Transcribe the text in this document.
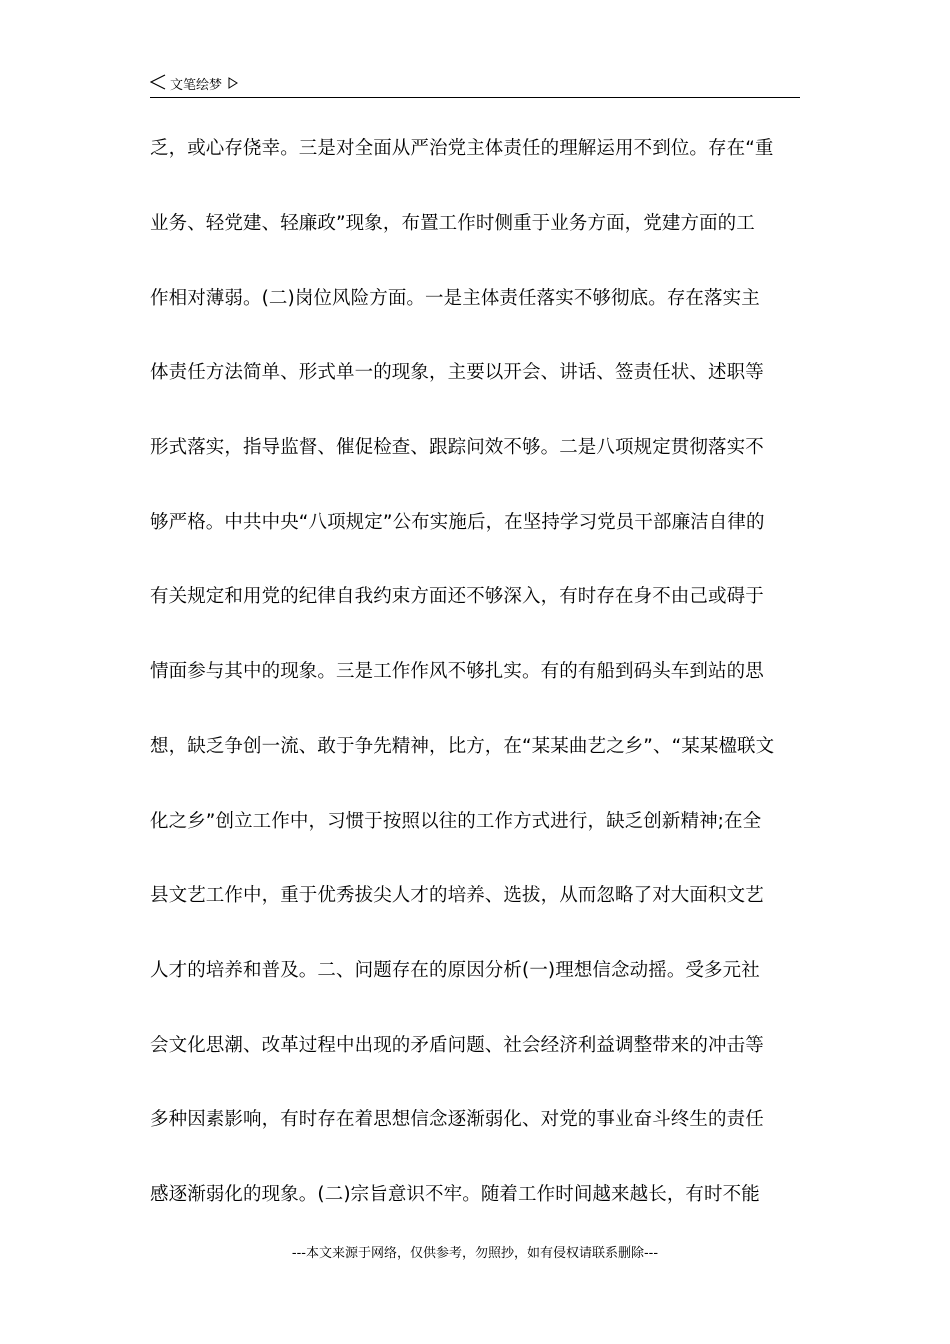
文笔绘梦
乏，或心存侥幸。三是对全面从严治党主体责任的理解运用不到位。存在“重
业务、轻党建、轻廉政”现象，布置工作时侧重于业务方面，党建方面的工
作相对薄弱。(二)岗位风险方面。一是主体责任落实不够彻底。存在落实主
体责任方法简单、形式单一的现象，主要以开会、讲话、签责任状、述职等
形式落实，指导监督、催促检查、跟踪问效不够。二是八项规定贯彻落实不
够严格。中共中央“八项规定”公布实施后，在坚持学习党员干部廉洁自律的
有关规定和用党的纪律自我约束方面还不够深入，有时存在身不由己或碍于
情面参与其中的现象。三是工作作风不够扎实。有的有船到码头车到站的思
想，缺乏争创一流、敢于争先精神，比方，在“某某曲艺之乡”、“某某楹联文
化之乡”创立工作中，习惯于按照以往的工作方式进行，缺乏创新精神;在全
县文艺工作中，重于优秀拔尖人才的培养、选拔，从而忽略了对大面积文艺
人才的培养和普及。二、问题存在的原因分析(一)理想信念动摇。受多元社
会文化思潮、改革过程中出现的矛盾问题、社会经济利益调整带来的冲击等
多种因素影响，有时存在着思想信念逐渐弱化、对党的事业奋斗终生的责任
感逐渐弱化的现象。(二)宗旨意识不牢。随着工作时间越来越长，有时不能
---本文来源于网络，仅供参考，勿照抄，如有侵权请联系删除---
